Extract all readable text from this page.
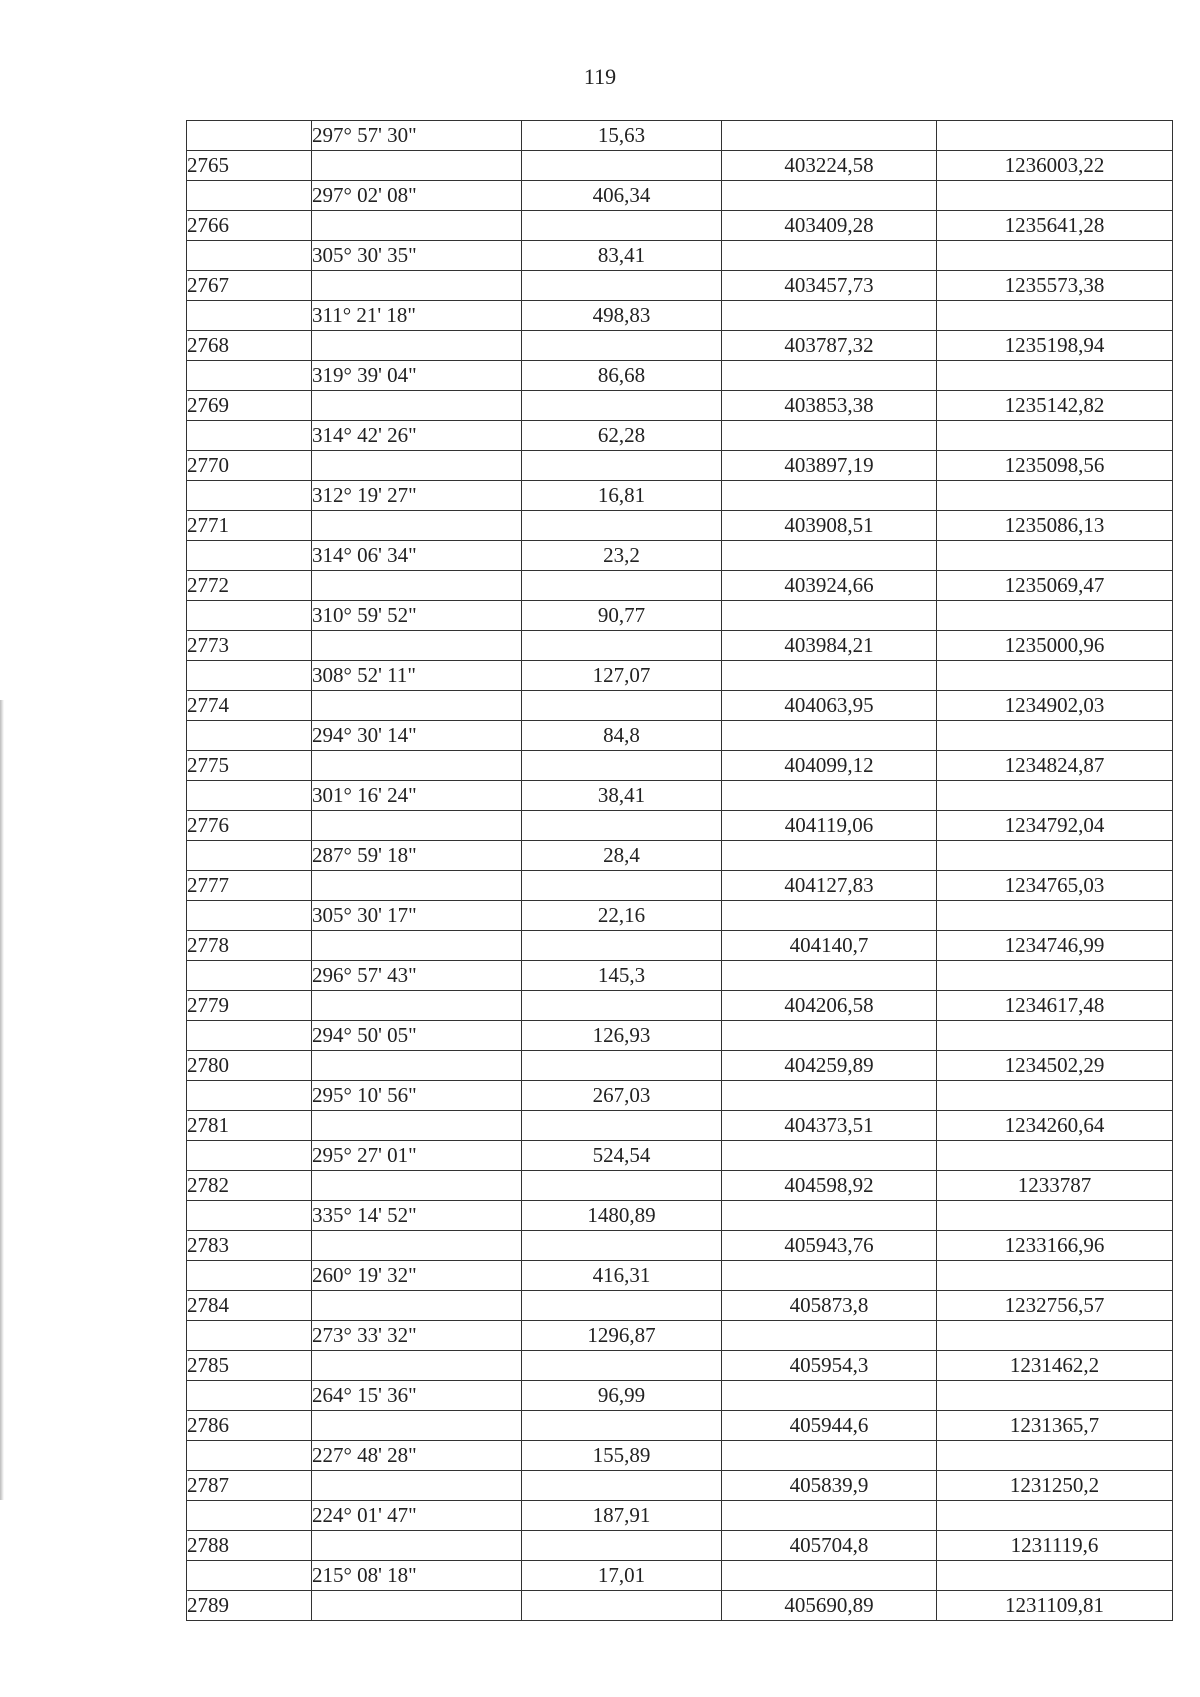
119
	297° 57' 30"	15,63		
2765			403224,58	1236003,22
	297° 02' 08"	406,34		
2766			403409,28	1235641,28
	305° 30' 35"	83,41		
2767			403457,73	1235573,38
	311° 21' 18"	498,83		
2768			403787,32	1235198,94
	319° 39' 04"	86,68		
2769			403853,38	1235142,82
	314° 42' 26"	62,28		
2770			403897,19	1235098,56
	312° 19' 27"	16,81		
2771			403908,51	1235086,13
	314° 06' 34"	23,2		
2772			403924,66	1235069,47
	310° 59' 52"	90,77		
2773			403984,21	1235000,96
	308° 52' 11"	127,07		
2774			404063,95	1234902,03
	294° 30' 14"	84,8		
2775			404099,12	1234824,87
	301° 16' 24"	38,41		
2776			404119,06	1234792,04
	287° 59' 18"	28,4		
2777			404127,83	1234765,03
	305° 30' 17"	22,16		
2778			404140,7	1234746,99
	296° 57' 43"	145,3		
2779			404206,58	1234617,48
	294° 50' 05"	126,93		
2780			404259,89	1234502,29
	295° 10' 56"	267,03		
2781			404373,51	1234260,64
	295° 27' 01"	524,54		
2782			404598,92	1233787
	335° 14' 52"	1480,89		
2783			405943,76	1233166,96
	260° 19' 32"	416,31		
2784			405873,8	1232756,57
	273° 33' 32"	1296,87		
2785			405954,3	1231462,2
	264° 15' 36"	96,99		
2786			405944,6	1231365,7
	227° 48' 28"	155,89		
2787			405839,9	1231250,2
	224° 01' 47"	187,91		
2788			405704,8	1231119,6
	215° 08' 18"	17,01		
2789			405690,89	1231109,81
